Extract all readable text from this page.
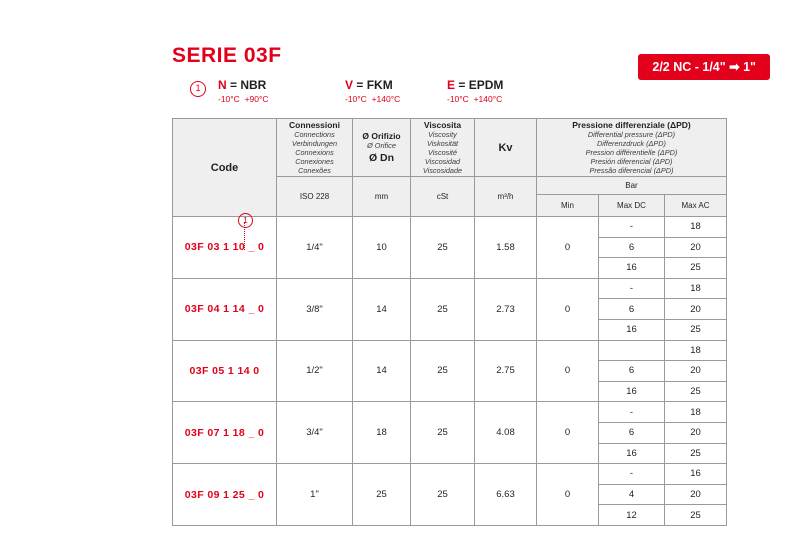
SERIE 03F	2/2 NC - 1/4" ➡ 1"
1	N = NBR
-10°C +90°C
V = FKM
-10°C +140°C
E = EPDM
-10°C +140°C
Code

Connessioni
Connections
Verbindungen
Connexions
Conexiones
Conexões

Ø Orifizio
Ø Orifice
Ø Dn

Viscosita
Viscosity
Viskosität
Viscosité
Viscosidad
Viscosidade

Kv

Pressione differenziale (ΔPD)
Differential pressure (ΔPD)
Differenzdruck (ΔPD)
Pression différentielle (ΔPD)
Presión diferencial (ΔPD)
Pressão diferencial (ΔPD)

	ISO 228	mm	cSt	m³/h	Bar		
					Min	Max DC	Max AC
03F 03 1 10 _ 0	1/4"	10	25	1.58	0	-	18
						6	20
						16	25
03F 04 1 14 _ 0	3/8"	14	25	2.73	0	-	18
						6	20
						16	25
03F 05 1 14 0	1/2"	14	25	2.75	0		18
						6	20
						16	25
03F 07 1 18 _ 0	3/4"	18	25	4.08	0	-	18
						6	20
						16	25
03F 09 1 25 _ 0	1"	25	25	6.63	0	-	16
						4	20
						12	25
1
